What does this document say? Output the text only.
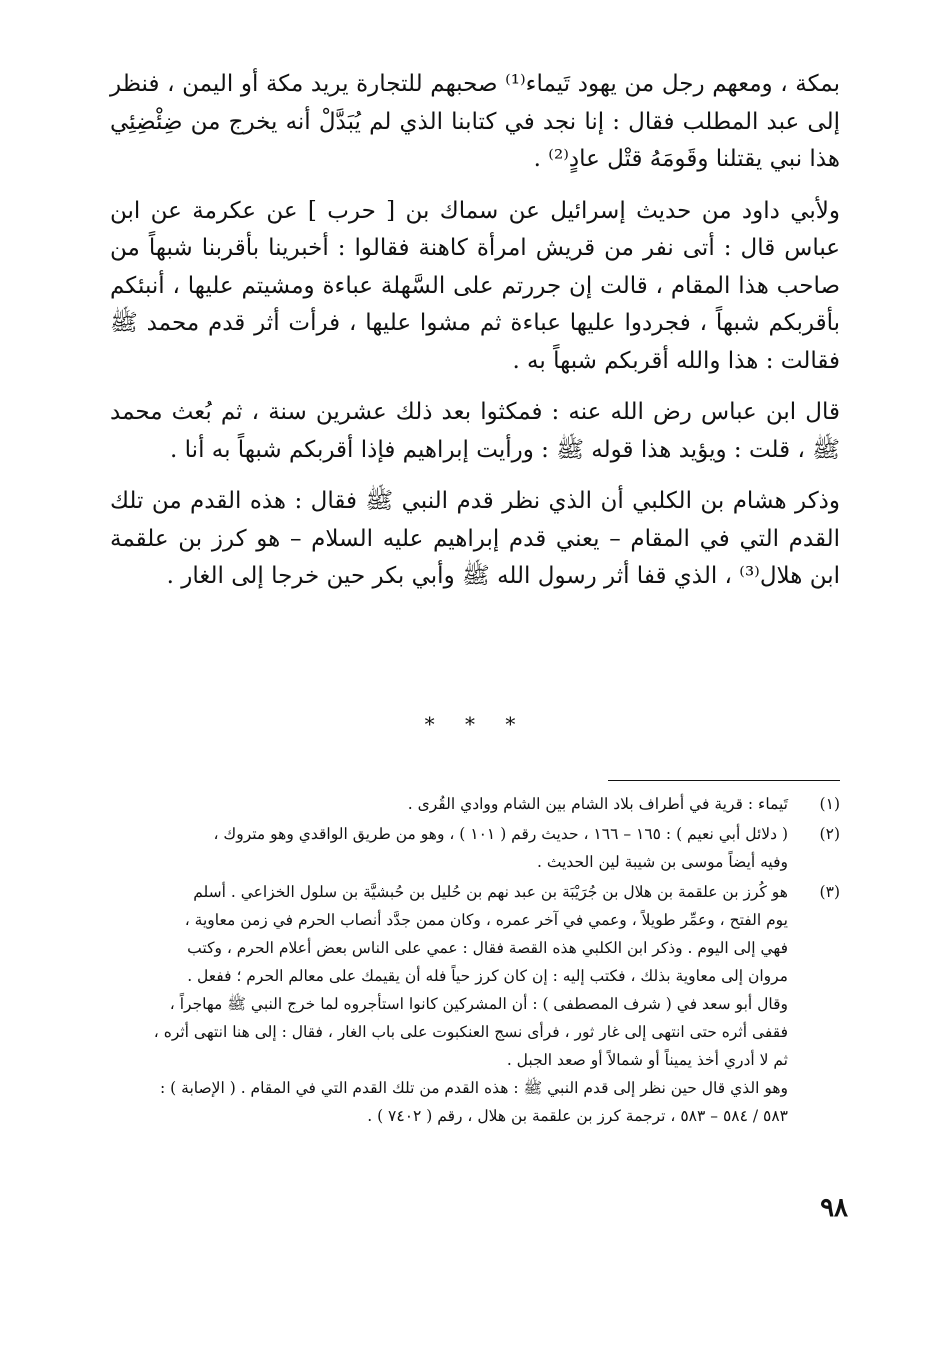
بمكة ، ومعهم رجل من يهود تَيماء⁽¹⁾ صحبهم للتجارة يريد مكة أو اليمن ، فنظر إلى عبد المطلب فقال : إنا نجد في كتابنا الذي لم يُبَدَّلْ أنه يخرج من ضِئْضِئِي هذا نبي يقتلنا وقَومَهُ قتْل عادٍ⁽²⁾ .

ولأبي داود من حديث إسرائيل عن سماك بن [ حرب ] عن عكرمة عن ابن عباس قال : أتى نفر من قريش امرأة كاهنة فقالوا : أخبرينا بأقربنا شبهاً من صاحب هذا المقام ، قالت إن جررتم على السَّهلة عباءة ومشيتم عليها ، أنبئكم بأقربكم شبهاً ، فجردوا عليها عباءة ثم مشوا عليها ، فرأت أثر قدم محمد ﷺ فقالت : هذا والله أقربكم شبهاً به .

قال ابن عباس رض الله عنه : فمكثوا بعد ذلك عشرين سنة ، ثم بُعث محمد ﷺ ، قلت : ويؤيد هذا قوله ﷺ : ورأيت إبراهيم فإذا أقربكم شبهاً به أنا .

وذكر هشام بن الكلبي أن الذي نظر قدم النبي ﷺ فقال : هذه القدم من تلك القدم التي في المقام – يعني قدم إبراهيم عليه السلام – هو كرز بن علقمة ابن هلال⁽³⁾ ، الذي قفا أثر رسول الله ﷺ وأبي بكر حين خرجا إلى الغار .

* * *
(١)

تَيماء : قرية في أطراف بلاد الشام بين الشام ووادي القُرى .

(٢)

( دلائل أبي نعيم ) : ١٦٥ – ١٦٦ ، حديث رقم ( ١٠١ ) ، وهو من طريق الواقدي وهو متروك ،

وفيه أيضاً موسى بن شيبة لين الحديث .

(٣)

هو كُرز بن علقمة بن هلال بن جُرَيْبَة بن عبد نهم بن حُليل بن حُبشيَّة بن سلول الخزاعي . أسلم

يوم الفتح ، وعمِّر طويلاً ، وعمي في آخر عمره ، وكان ممن جدَّد أنصاب الحرم في زمن معاوية ،

فهي إلى اليوم . وذكر ابن الكلبي هذه القصة فقال : عمي على الناس بعض أعلام الحرم ، وكتب

مروان إلى معاوية بذلك ، فكتب إليه : إن كان كرز حياً فله أن يقيمك على معالم الحرم ؛ ففعل .

وقال أبو سعد في ( شرف المصطفى ) : أن المشركين كانوا استأجروه لما خرج النبي ﷺ مهاجراً ،

فقفى أثره حتى انتهى إلى غار ثور ، فرأى نسج العنكبوت على باب الغار ، فقال : إلى هنا انتهى أثره ،

ثم لا أدري أخذ يميناً أو شمالاً أو صعد الجبل .

وهو الذي قال حين نظر إلى قدم النبي ﷺ : هذه القدم من تلك القدم التي في المقام . ( الإصابة ) :

٥٨٣ / ٥٨٤ – ٥٨٣ ، ترجمة كرز بن علقمة بن هلال ، رقم ( ٧٤٠٢ ) .

٩٨
